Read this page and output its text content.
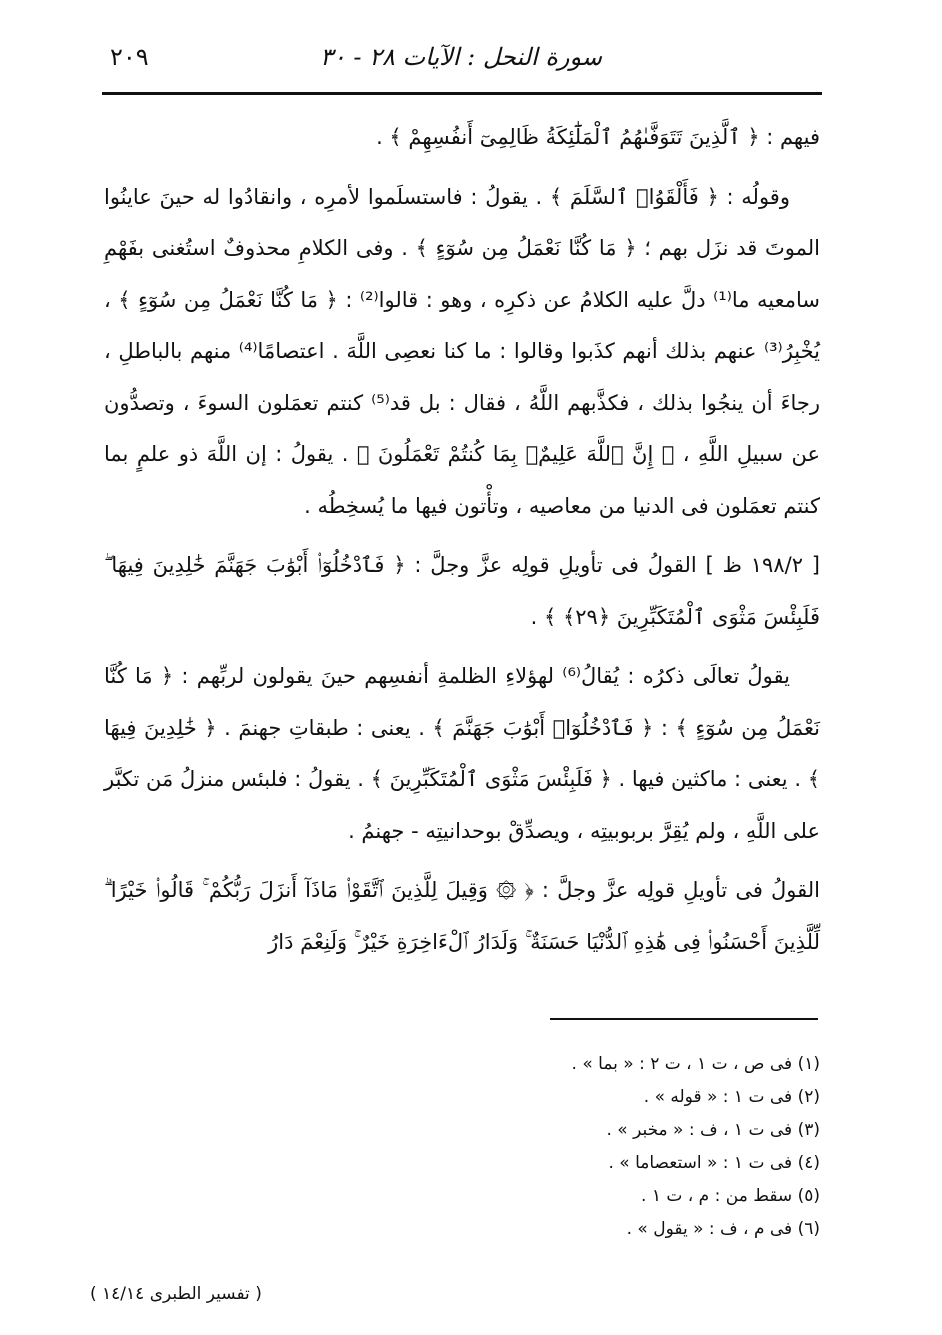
سورة النحل : الآيات ٢٨ - ٣٠
٢٠٩

فيهم : ﴿ ٱلَّذِينَ تَتَوَفَّىٰهُمُ ٱلْمَلَٰٓئِكَةُ ظَالِمِىٓ أَنفُسِهِمْ ﴾ .

وقولُه : ﴿ فَأَلْقَوُا۟ ٱلسَّلَمَ ﴾ . يقولُ : فاستسلَموا لأمرِه ، وانقادُوا له حينَ عاينُوا الموتَ قد نزَل بهم ؛ ﴿ مَا كُنَّا نَعْمَلُ مِن سُوٓءٍ ﴾ . وفى الكلامِ محذوفٌ استُغنى بفَهْمِ سامعيه ما⁽¹⁾ دلَّ عليه الكلامُ عن ذكرِه ، وهو : قالوا⁽²⁾ : ﴿ مَا كُنَّا نَعْمَلُ مِن سُوٓءٍ ﴾ ، يُخْبِرُ⁽³⁾ عنهم بذلك أنهم كذَبوا وقالوا : ما كنا نعصِى اللَّهَ . اعتصامًا⁽⁴⁾ منهم بالباطلِ ، رجاءَ أن ينجُوا بذلك ، فكذَّبهم اللَّهُ ، فقال : بل قد⁽⁵⁾ كنتم تعمَلون السوءَ ، وتصدُّون عن سبيلِ اللَّهِ ، ﴿ إِنَّ ٱللَّهَ عَلِيمٌۢ بِمَا كُنتُمْ تَعْمَلُونَ ﴾ . يقولُ : إن اللَّهَ ذو علمٍ بما كنتم تعمَلون فى الدنيا من معاصيه ، وتأْتون فيها ما يُسخِطُه .

[ ١٩٨/٢ ظ ] القولُ فى تأويلِ قولِه عزَّ وجلَّ : ﴿ فَٱدْخُلُوٓا۟ أَبْوَٰبَ جَهَنَّمَ خَٰلِدِينَ فِيهَا ۖ فَلَبِئْسَ مَثْوَى ٱلْمُتَكَبِّرِينَ ﴿٢٩﴾ ﴾ .

يقولُ تعالَى ذكرُه : يُقالُ⁽⁶⁾ لهؤلاءِ الظلمةِ أنفسِهم حينَ يقولون لربِّهم : ﴿ مَا كُنَّا نَعْمَلُ مِن سُوٓءٍ ﴾ : ﴿ فَٱدْخُلُوٓا۟ أَبْوَٰبَ جَهَنَّمَ ﴾ . يعنى : طبقاتِ جهنمَ . ﴿ خَٰلِدِينَ فِيهَا ﴾ . يعنى : ماكثين فيها . ﴿ فَلَبِئْسَ مَثْوَى ٱلْمُتَكَبِّرِينَ ﴾ . يقولُ : فلبئس منزلُ مَن تكبَّر على اللَّهِ ، ولم يُقِرَّ بربوبيتِه ، ويصدِّقْ بوحدانيتِه - جهنمُ .

القولُ فى تأويلِ قولِه عزَّ وجلَّ : ﴿ ۞ وَقِيلَ لِلَّذِينَ ٱتَّقَوْا۟ مَاذَآ أَنزَلَ رَبُّكُمْ ۚ قَالُوا۟ خَيْرًا ۗ لِّلَّذِينَ أَحْسَنُوا۟ فِى هَٰذِهِ ٱلدُّنْيَا حَسَنَةٌ ۚ وَلَدَارُ ٱلْءَاخِرَةِ خَيْرٌ ۚ وَلَنِعْمَ دَارُ

(١) فى ص ، ت ١ ، ت ٢ : « بما » .

(٢) فى ت ١ : « قوله » .

(٣) فى ت ١ ، ف : « مخبر » .

(٤) فى ت ١ : « استعصاما » .

(٥) سقط من : م ، ت ١ .

(٦) فى م ، ف : « يقول » .

( تفسير الطبرى ١٤/١٤ )
